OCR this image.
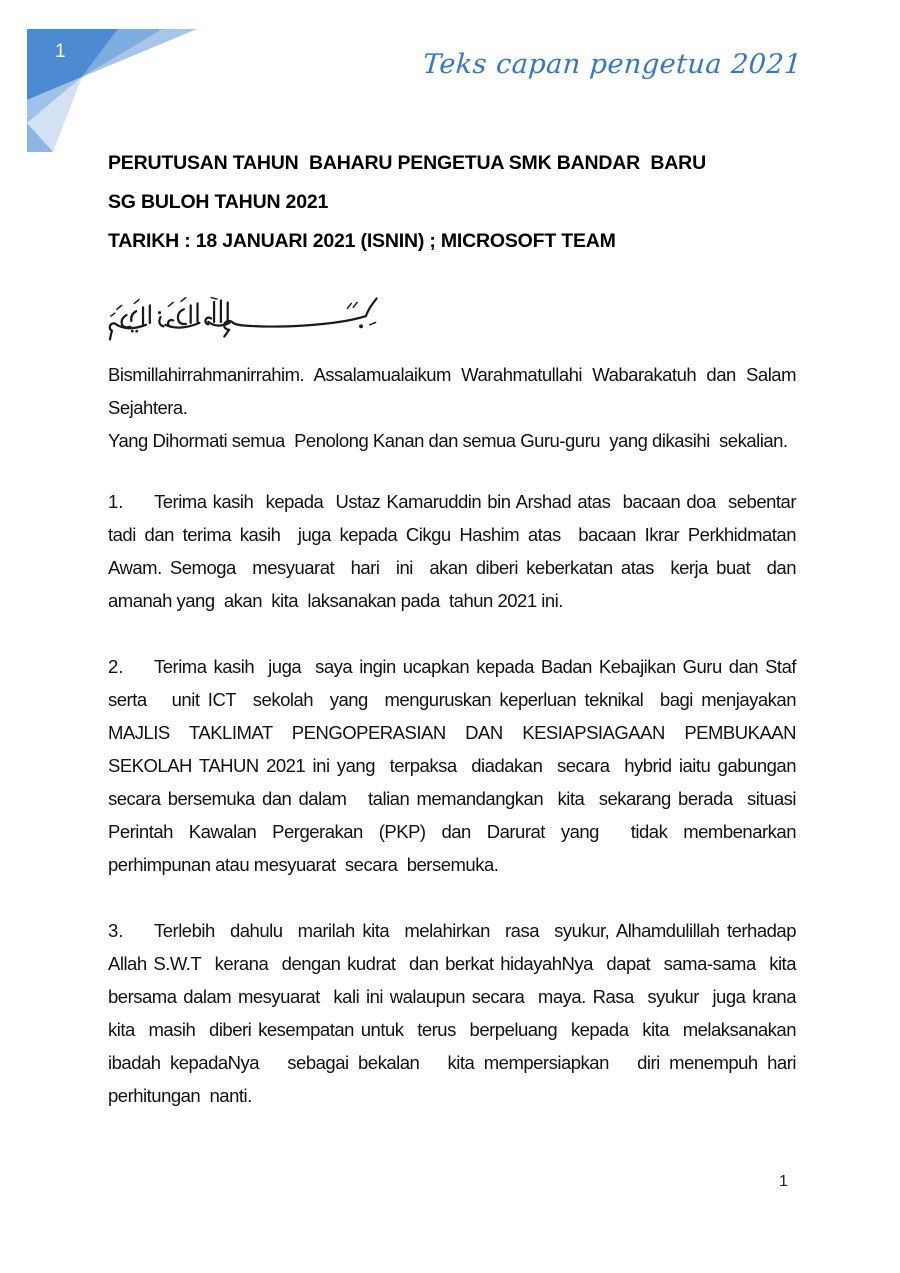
1	Teks capan pengetua 2021
PERUTUSAN TAHUN  BAHARU PENGETUA SMK BANDAR  BARU
SG BULOH TAHUN 2021
TARIKH : 18 JANUARI 2021 (ISNIN) ; MICROSOFT TEAM

Bismillahirrahmanirrahim. Assalamualaikum Warahmatullahi Wabarakatuh dan Salam Sejahtera.

Yang Dihormati semua  Penolong Kanan dan semua Guru-guru  yang dikasihi  sekalian.

1. Terima kasih  kepada  Ustaz Kamaruddin bin Arshad atas  bacaan doa  sebentar tadi dan terima kasih  juga kepada Cikgu Hashim atas  bacaan Ikrar Perkhidmatan Awam. Semoga  mesyuarat  hari  ini  akan diberi keberkatan atas  kerja buat  dan amanah yang  akan  kita  laksanakan pada  tahun 2021 ini.
2. Terima kasih  juga  saya ingin ucapkan kepada Badan Kebajikan Guru dan Staf serta   unit ICT  sekolah  yang  menguruskan keperluan teknikal  bagi menjayakan MAJLIS TAKLIMAT PENGOPERASIAN DAN KESIAPSIAGAAN PEMBUKAAN SEKOLAH TAHUN 2021 ini yang  terpaksa  diadakan  secara  hybrid iaitu gabungan secara bersemuka dan dalam   talian memandangkan  kita  sekarang berada  situasi Perintah Kawalan Pergerakan (PKP) dan Darurat yang  tidak membenarkan perhimpunan atau mesyuarat  secara  bersemuka.
3. Terlebih  dahulu  marilah kita  melahirkan  rasa  syukur, Alhamdulillah terhadap Allah S.W.T  kerana  dengan kudrat  dan berkat hidayahNya  dapat  sama-sama  kita bersama dalam mesyuarat  kali ini walaupun secara  maya. Rasa  syukur  juga krana kita  masih  diberi kesempatan untuk  terus  berpeluang  kepada  kita  melaksanakan ibadah kepadaNya   sebagai bekalan   kita mempersiapkan   diri menempuh hari perhitungan  nanti.
1
